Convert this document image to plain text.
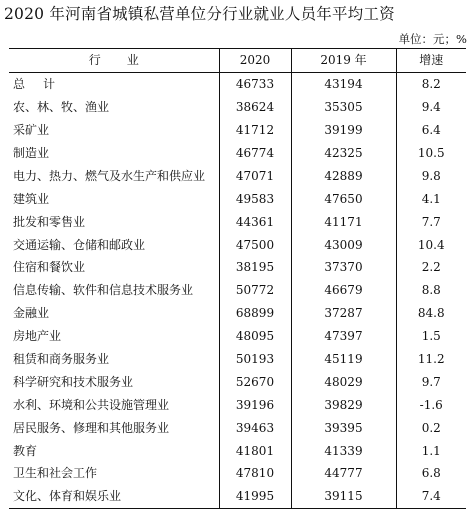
2020 年河南省城镇私营单位分行业就业人员年平均工资
单位：元；%
行业	2020	2019 年	增速
总计	46733	43194	8.2
农、林、牧、渔业	38624	35305	9.4
采矿业	41712	39199	6.4
制造业	46774	42325	10.5
电力、热力、燃气及水生产和供应业	47071	42889	9.8
建筑业	49583	47650	4.1
批发和零售业	44361	41171	7.7
交通运输、仓储和邮政业	47500	43009	10.4
住宿和餐饮业	38195	37370	2.2
信息传输、软件和信息技术服务业	50772	46679	8.8
金融业	68899	37287	84.8
房地产业	48095	47397	1.5
租赁和商务服务业	50193	45119	11.2
科学研究和技术服务业	52670	48029	9.7
水利、环境和公共设施管理业	39196	39829	-1.6
居民服务、修理和其他服务业	39463	39395	0.2
教育	41801	41339	1.1
卫生和社会工作	47810	44777	6.8
文化、体育和娱乐业	41995	39115	7.4
